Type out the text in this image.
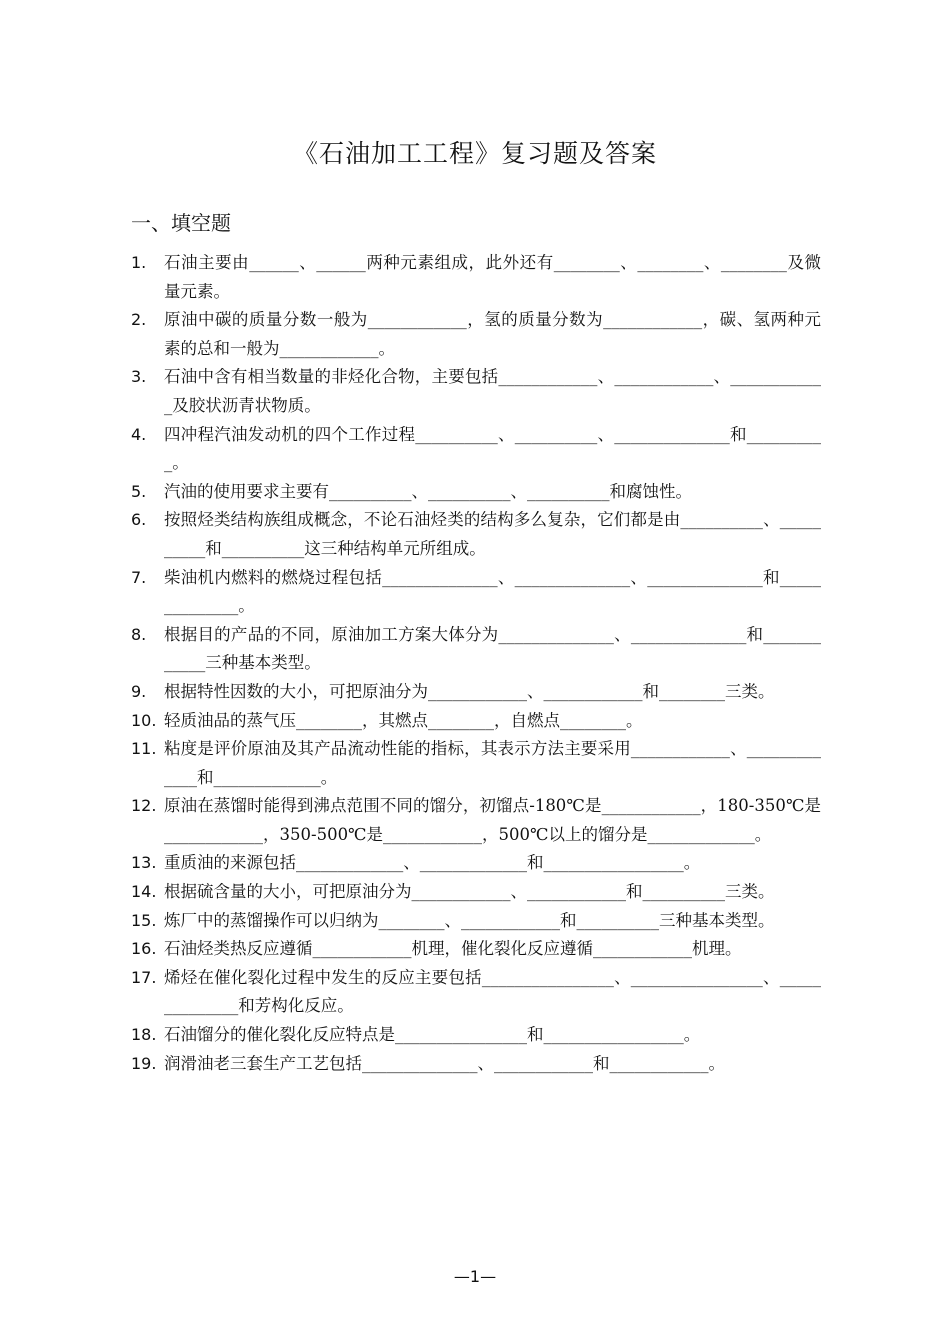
《石油加工工程》复习题及答案
一、填空题
1. 石油主要由______、______两种元素组成，此外还有________、________、________及微量元素。
2. 原油中碳的质量分数一般为____________，氢的质量分数为____________，碳、氢两种元素的总和一般为____________。
3. 石油中含有相当数量的非烃化合物，主要包括____________、____________、____________及胶状沥青状物质。
4. 四冲程汽油发动机的四个工作过程__________、__________、______________和__________。
5. 汽油的使用要求主要有__________、__________、__________和腐蚀性。
6. 按照烃类结构族组成概念，不论石油烃类的结构多么复杂，它们都是由__________、__________和__________这三种结构单元所组成。
7. 柴油机内燃料的燃烧过程包括______________、______________、______________和______________。
8. 根据目的产品的不同，原油加工方案大体分为______________、______________和____________三种基本类型。
9. 根据特性因数的大小，可把原油分为____________、____________和________三类。
10. 轻质油品的蒸气压________，其燃点________，自燃点________。
11. 粘度是评价原油及其产品流动性能的指标，其表示方法主要采用____________、_____________和_____________。
12. 原油在蒸馏时能得到沸点范围不同的馏分，初馏点-180℃是____________，180-350℃是____________，350-500℃是____________，500℃以上的馏分是_____________。
13. 重质油的来源包括_____________、_____________和_________________。
14. 根据硫含量的大小，可把原油分为____________、____________和__________三类。
15. 炼厂中的蒸馏操作可以归纳为________、____________和__________三种基本类型。
16. 石油烃类热反应遵循____________机理，催化裂化反应遵循____________机理。
17. 烯烃在催化裂化过程中发生的反应主要包括________________、________________、______________和芳构化反应。
18. 石油馏分的催化裂化反应特点是________________和_________________。
19. 润滑油老三套生产工艺包括______________、____________和____________。
—1—
